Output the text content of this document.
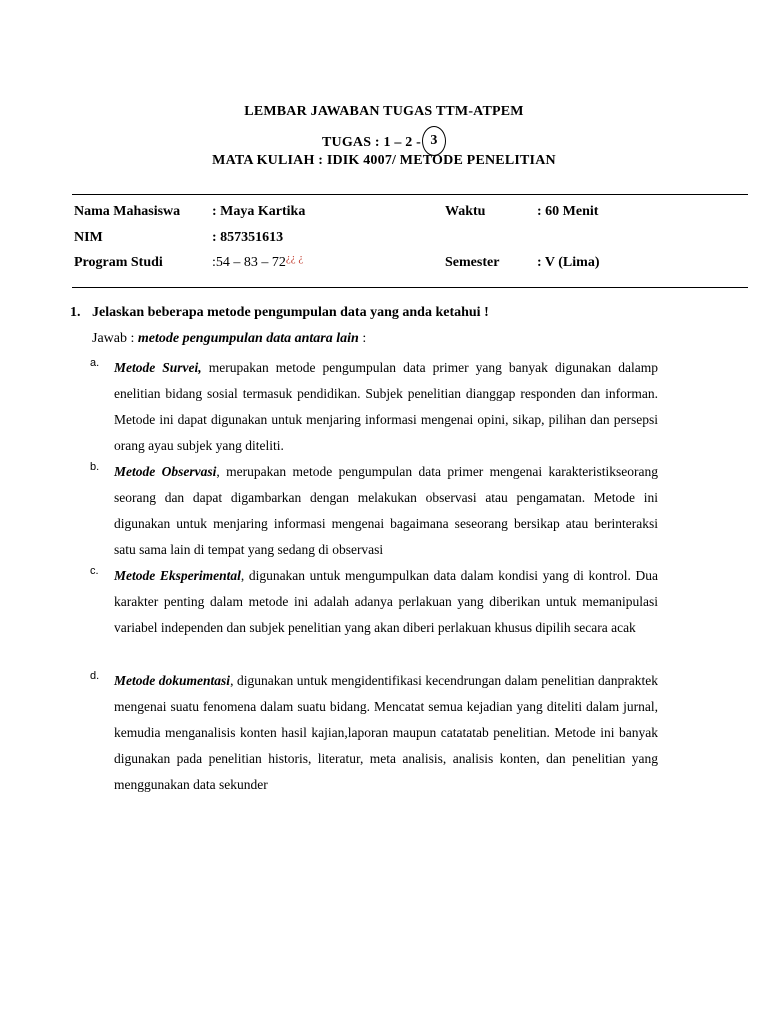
LEMBAR JAWABAN TUGAS TTM-ATPEM
TUGAS : 1 – 2 - 3
MATA KULIAH : IDIK 4007/ METODE PENELITIAN
Nama Mahasiswa : Maya Kartika	Waktu	: 60 Menit
NIM	: 857351613
Program Studi	:54 – 83 – 72¿¿ ¿	Semester	: V (Lima)
1. Jelaskan beberapa metode pengumpulan data yang anda ketahui !
Jawab : metode pengumpulan data antara lain :
a. Metode Survei, merupakan metode pengumpulan data primer yang banyak digunakan dalamp enelitian bidang sosial termasuk pendidikan. Subjek penelitian dianggap responden dan informan. Metode ini dapat digunakan untuk menjaring informasi mengenai opini, sikap, pilihan dan persepsi orang ayau subjek yang diteliti.
b. Metode Observasi, merupakan metode pengumpulan data primer mengenai karakteristikseorang seorang dan dapat digambarkan dengan melakukan observasi atau pengamatan. Metode ini digunakan untuk menjaring informasi mengenai bagaimana seseorang bersikap atau berinteraksi satu sama lain di tempat yang sedang di observasi
c. Metode Eksperimental, digunakan untuk mengumpulkan data dalam kondisi yang di kontrol. Dua karakter penting dalam metode ini adalah adanya perlakuan yang diberikan untuk memanipulasi variabel independen dan subjek penelitian yang akan diberi perlakuan khusus dipilih secara acak
d. Metode dokumentasi, digunakan untuk mengidentifikasi kecendrungan dalam penelitian danpraktek mengenai suatu fenomena dalam suatu bidang. Mencatat semua kejadian yang diteliti dalam jurnal, kemudia menganalisis konten hasil kajian,laporan maupun catatatab penelitian. Metode ini banyak digunakan pada penelitian historis, literatur, meta analisis, analisis konten, dan penelitian yang menggunakan data sekunder
